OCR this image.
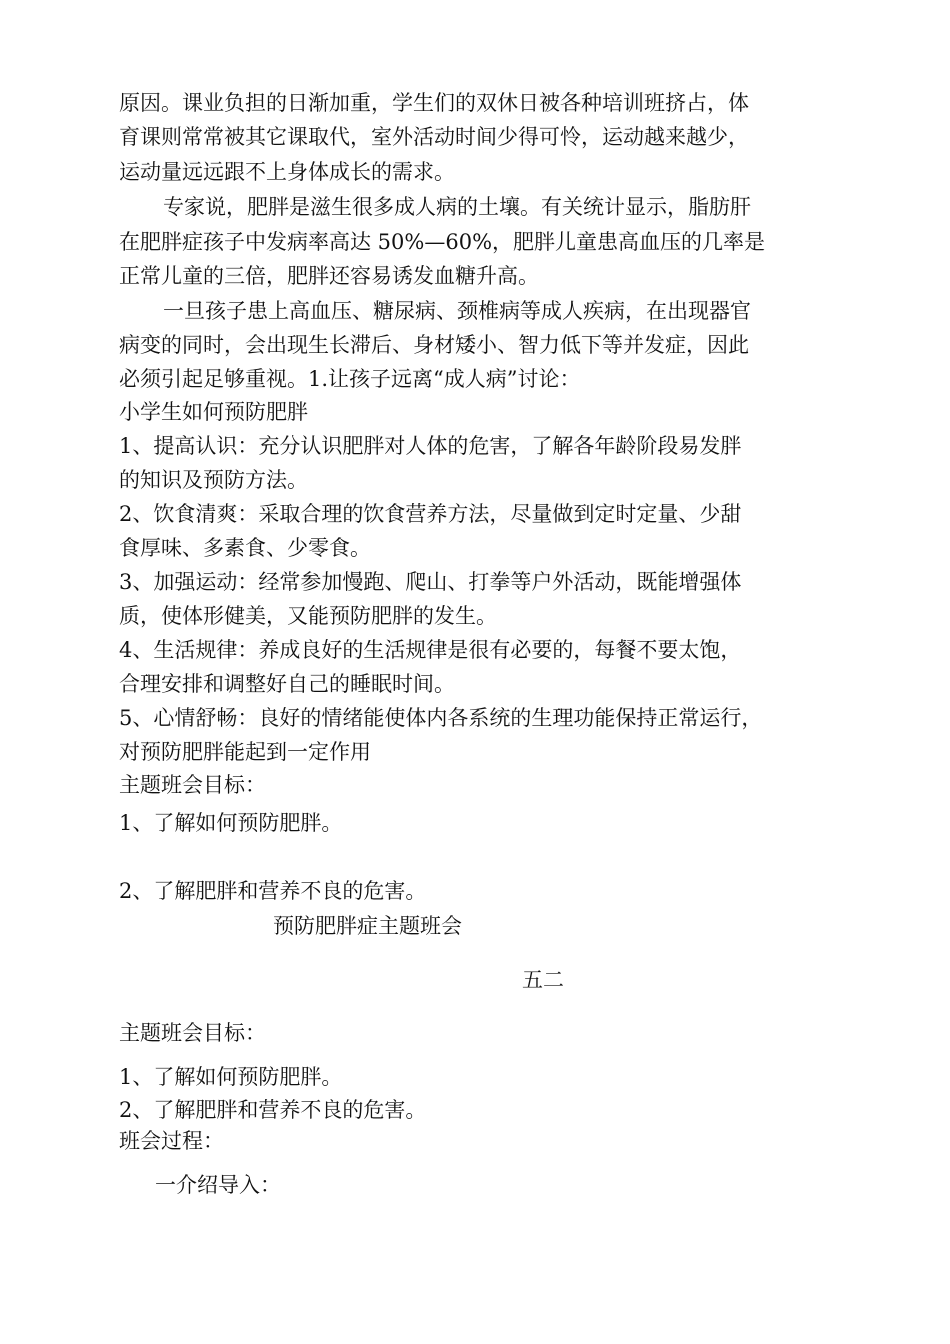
原因。课业负担的日渐加重，学生们的双休日被各种培训班挤占，体
育课则常常被其它课取代，室外活动时间少得可怜，运动越来越少，
运动量远远跟不上身体成长的需求。
专家说，肥胖是滋生很多成人病的土壤。有关统计显示，脂肪肝
在肥胖症孩子中发病率高达 50%—60%，肥胖儿童患高血压的几率是
正常儿童的三倍，肥胖还容易诱发血糖升高。
一旦孩子患上高血压、糖尿病、颈椎病等成人疾病，在出现器官
病变的同时，会出现生长滞后、身材矮小、智力低下等并发症，因此
必须引起足够重视。1.让孩子远离“成人病”讨论：
小学生如何预防肥胖
1、提高认识：充分认识肥胖对人体的危害，了解各年龄阶段易发胖
的知识及预防方法。
2、饮食清爽：采取合理的饮食营养方法，尽量做到定时定量、少甜
食厚味、多素食、少零食。
3、加强运动：经常参加慢跑、爬山、打拳等户外活动，既能增强体
质，使体形健美，又能预防肥胖的发生。
4、生活规律：养成良好的生活规律是很有必要的，每餐不要太饱，
合理安排和调整好自己的睡眠时间。
5、心情舒畅：良好的情绪能使体内各系统的生理功能保持正常运行，
对预防肥胖能起到一定作用
主题班会目标：
1、了解如何预防肥胖。
2、了解肥胖和营养不良的危害。
预防肥胖症主题班会
五二
主题班会目标：
1、了解如何预防肥胖。
2、了解肥胖和营养不良的危害。
班会过程：
一介绍导入：
